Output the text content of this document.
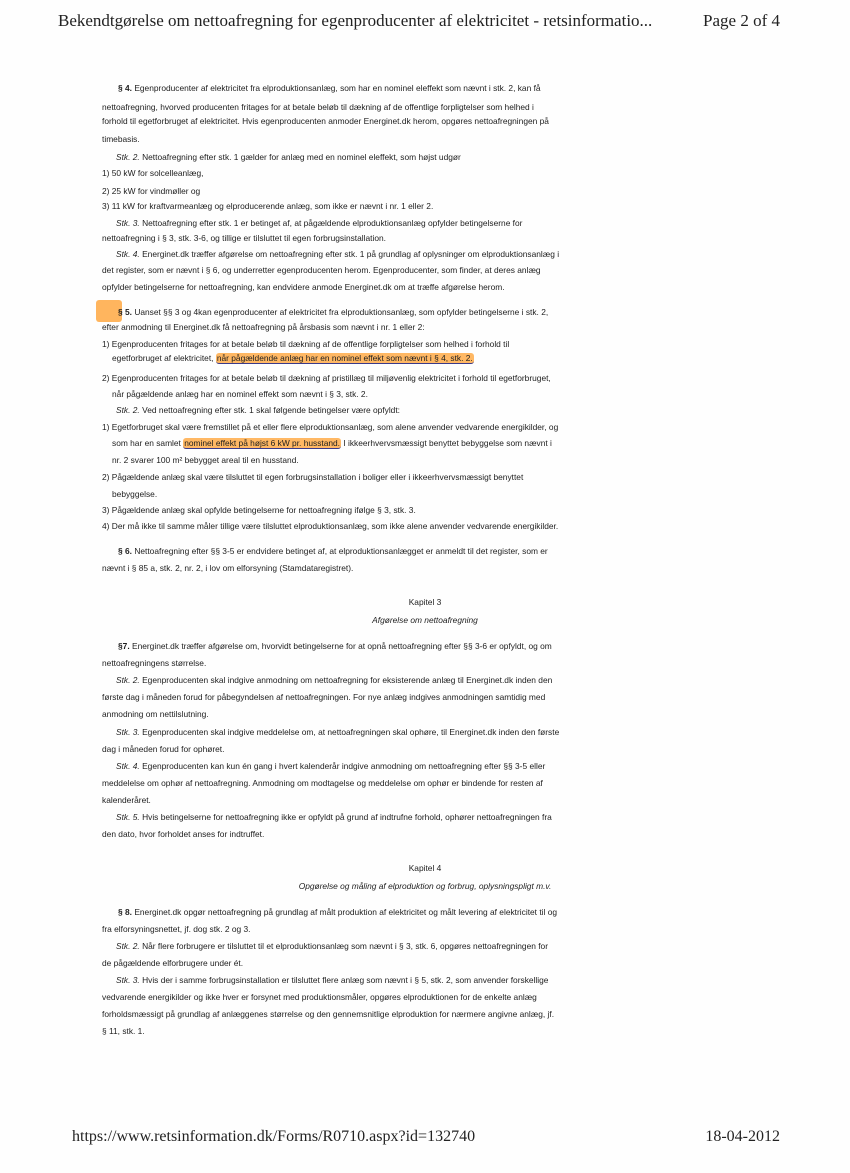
Bekendtgørelse om nettoafregning for egenproducenter af elektricitet - retsinformatio...	Page 2 of 4
§ 4. Egenproducenter af elektricitet fra elproduktionsanlæg, som har en nominel eleffekt som nævnt i stk. 2, kan få
nettoafregning, hvorved producenten fritages for at betale beløb til dækning af de offentlige forpligtelser som helhed i
forhold til egetforbruget af elektricitet. Hvis egenproducenten anmoder Energinet.dk herom, opgøres nettoafregningen på
timebasis.
Stk. 2. Nettoafregning efter stk. 1 gælder for anlæg med en nominel eleffekt, som højst udgør
1) 50 kW for solcelleanlæg,
2) 25 kW for vindmøller og
3) 11 kW for kraftvarmeanlæg og elproducerende anlæg, som ikke er nævnt i nr. 1 eller 2.
Stk. 3. Nettoafregning efter stk. 1 er betinget af, at pågældende elproduktionsanlæg opfylder betingelserne for
nettoafregning i § 3, stk. 3-6, og tillige er tilsluttet til egen forbrugsinstallation.
Stk. 4. Energinet.dk træffer afgørelse om nettoafregning efter stk. 1 på grundlag af oplysninger om elproduktionsanlæg i
det register, som er nævnt i § 6, og underretter egenproducenten herom. Egenproducenter, som finder, at deres anlæg
opfylder betingelserne for nettoafregning, kan endvidere anmode Energinet.dk om at træffe afgørelse herom.
§ 5. Uanset §§ 3 og 4kan egenproducenter af elektricitet fra elproduktionsanlæg, som opfylder betingelserne i stk. 2,
efter anmodning til Energinet.dk få nettoafregning på årsbasis som nævnt i nr. 1 eller 2:
1) Egenproducenten fritages for at betale beløb til dækning af de offentlige forpligtelser som helhed i forhold til
egetforbruget af elektricitet, når pågældende anlæg har en nominel effekt som nævnt i § 4, stk. 2.
2) Egenproducenten fritages for at betale beløb til dækning af pristillæg til miljøvenlig elektricitet i forhold til egetforbruget,
når pågældende anlæg har en nominel effekt som nævnt i § 3, stk. 2.
Stk. 2. Ved nettoafregning efter stk. 1 skal følgende betingelser være opfyldt:
1) Egetforbruget skal være fremstillet på et eller flere elproduktionsanlæg, som alene anvender vedvarende energikilder, og
som har en samlet nominel effekt på højst 6 kW pr. husstand. I ikkeerhvervsmæssigt benyttet bebyggelse som nævnt i
nr. 2 svarer 100 m² bebygget areal til en husstand.
2) Pågældende anlæg skal være tilsluttet til egen forbrugsinstallation i boliger eller i ikkeerhvervsmæssigt benyttet
bebyggelse.
3) Pågældende anlæg skal opfylde betingelserne for nettoafregning ifølge § 3, stk. 3.
4) Der må ikke til samme måler tillige være tilsluttet elproduktionsanlæg, som ikke alene anvender vedvarende energikilder.
§ 6. Nettoafregning efter §§ 3-5 er endvidere betinget af, at elproduktionsanlægget er anmeldt til det register, som er
nævnt i § 85 a, stk. 2, nr. 2, i lov om elforsyning (Stamdataregistret).
Kapitel 3
Afgørelse om nettoafregning
§7. Energinet.dk træffer afgørelse om, hvorvidt betingelserne for at opnå nettoafregning efter §§ 3-6 er opfyldt, og om
nettoafregningens størrelse.
Stk. 2. Egenproducenten skal indgive anmodning om nettoafregning for eksisterende anlæg til Energinet.dk inden den
første dag i måneden forud for påbegyndelsen af nettoafregningen. For nye anlæg indgives anmodningen samtidig med
anmodning om nettilslutning.
Stk. 3. Egenproducenten skal indgive meddelelse om, at nettoafregningen skal ophøre, til Energinet.dk inden den første
dag i måneden forud for ophøret.
Stk. 4. Egenproducenten kan kun én gang i hvert kalenderår indgive anmodning om nettoafregning efter §§ 3-5 eller
meddelelse om ophør af nettoafregning. Anmodning om modtagelse og meddelelse om ophør er bindende for resten af
kalenderåret.
Stk. 5. Hvis betingelserne for nettoafregning ikke er opfyldt på grund af indtrufne forhold, ophører nettoafregningen fra
den dato, hvor forholdet anses for indtruffet.
Kapitel 4
Opgørelse og måling af elproduktion og forbrug, oplysningspligt m.v.
§ 8. Energinet.dk opgør nettoafregning på grundlag af målt produktion af elektricitet og målt levering af elektricitet til og
fra elforsyningsnettet, jf. dog stk. 2 og 3.
Stk. 2. Når flere forbrugere er tilsluttet til et elproduktionsanlæg som nævnt i § 3, stk. 6, opgøres nettoafregningen for
de pågældende elforbrugere under ét.
Stk. 3. Hvis der i samme forbrugsinstallation er tilsluttet flere anlæg som nævnt i § 5, stk. 2, som anvender forskellige
vedvarende energikilder og ikke hver er forsynet med produktionsmåler, opgøres elproduktionen for de enkelte anlæg
forholdsmæssigt på grundlag af anlæggenes størrelse og den gennemsnitlige elproduktion for nærmere angivne anlæg, jf.
§ 11, stk. 1.
https://www.retsinformation.dk/Forms/R0710.aspx?id=132740	18-04-2012
